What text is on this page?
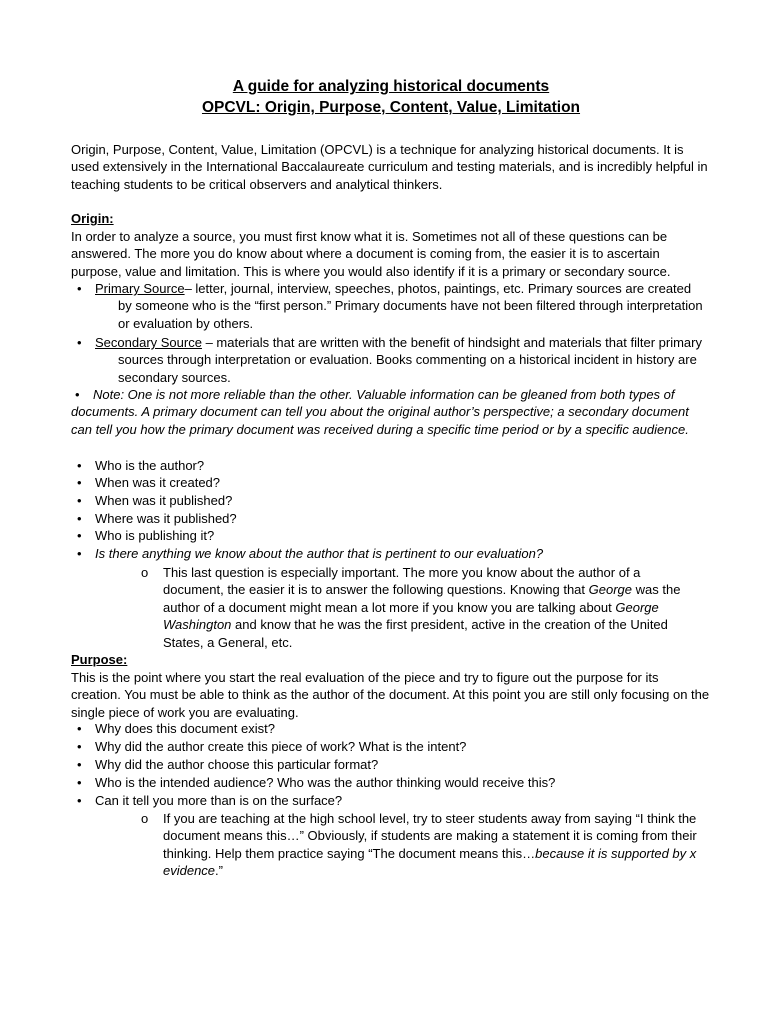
A guide for analyzing historical documents
OPCVL: Origin, Purpose, Content, Value, Limitation

Origin, Purpose, Content, Value, Limitation (OPCVL) is a technique for analyzing historical documents. It is used extensively in the International Baccalaureate curriculum and testing materials, and is incredibly helpful in teaching students to be critical observers and analytical thinkers.

Origin:

In order to analyze a source, you must first know what it is. Sometimes not all of these questions can be answered. The more you do know about where a document is coming from, the easier it is to ascertain purpose, value and limitation. This is where you would also identify if it is a primary or secondary source.

• Primary Source– letter, journal, interview, speeches, photos, paintings, etc. Primary sources are created by someone who is the “first person.” Primary documents have not been filtered through interpretation or evaluation by others.
• Secondary Source – materials that are written with the benefit of hindsight and materials that filter primary sources through interpretation or evaluation. Books commenting on a historical incident in history are secondary sources.
•	Note: One is not more reliable than the other. Valuable information can be gleaned from both types of documents. A primary document can tell you about the original author’s perspective; a secondary document can tell you how the primary document was received during a specific time period or by a specific audience.
• Who is the author?
• When was it created?
• When was it published?
• Where was it published?
• Who is publishing it?
• Is there anything we know about the author that is pertinent to our evaluation?
o This last question is especially important. The more you know about the author of a document, the easier it is to answer the following questions. Knowing that George was the author of a document might mean a lot more if you know you are talking about George Washington and know that he was the first president, active in the creation of the United States, a General, etc.

Purpose:

This is the point where you start the real evaluation of the piece and try to figure out the purpose for its creation. You must be able to think as the author of the document. At this point you are still only focusing on the single piece of work you are evaluating.

• Why does this document exist?
• Why did the author create this piece of work? What is the intent?
• Why did the author choose this particular format?
• Who is the intended audience? Who was the author thinking would receive this?
• Can it tell you more than is on the surface?
o If you are teaching at the high school level, try to steer students away from saying “I think the document means this…” Obviously, if students are making a statement it is coming from their thinking. Help them practice saying “The document means this…because it is supported by x evidence.”
